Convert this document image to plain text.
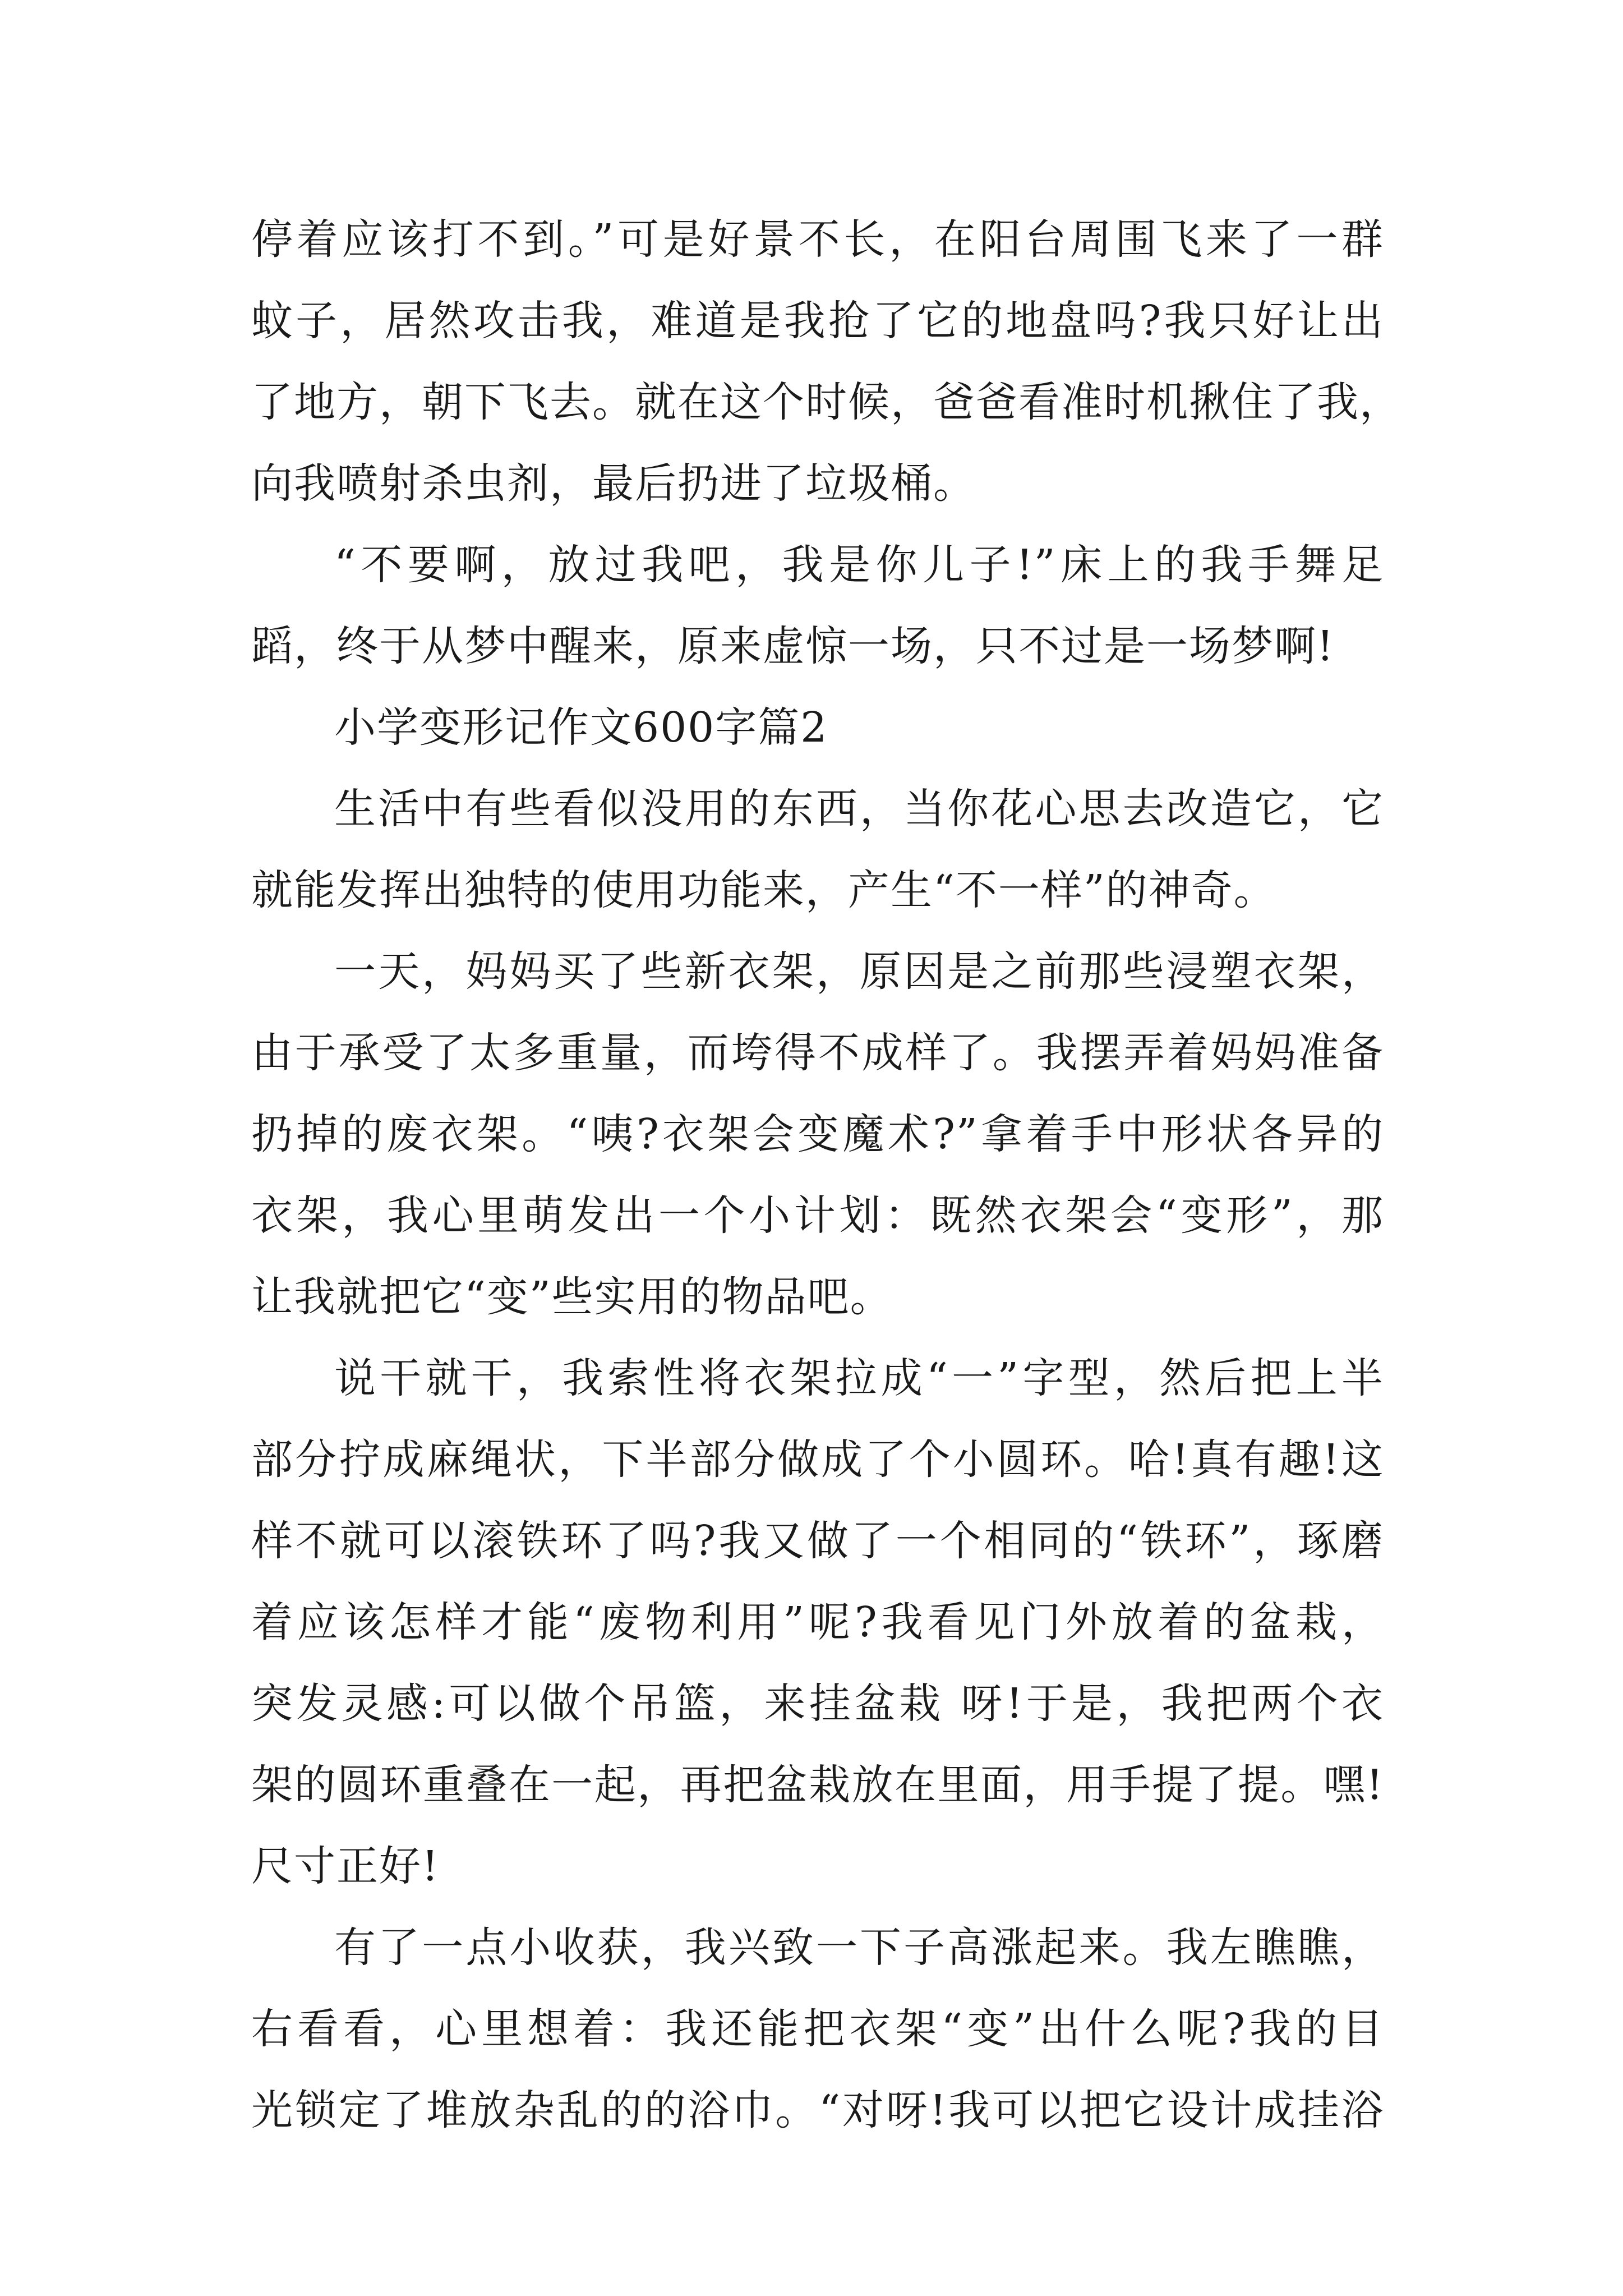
停着应该打不到。”可是好景不长，在阳台周围飞来了一群
蚊子，居然攻击我，难道是我抢了它的地盘吗?我只好让出
了地方，朝下飞去。就在这个时候，爸爸看准时机揪住了我，
向我喷射杀虫剂，最后扔进了垃圾桶。
“不要啊，放过我吧，我是你儿子!”床上的我手舞足
蹈，终于从梦中醒来，原来虚惊一场，只不过是一场梦啊!
小学变形记作文600字篇2
生活中有些看似没用的东西，当你花心思去改造它，它
就能发挥出独特的使用功能来，产生“不一样”的神奇。
一天，妈妈买了些新衣架，原因是之前那些浸塑衣架，
由于承受了太多重量，而垮得不成样了。我摆弄着妈妈准备
扔掉的废衣架。“咦?衣架会变魔术?”拿着手中形状各异的
衣架，我心里萌发出一个小计划：既然衣架会“变形”，那
让我就把它“变”些实用的物品吧。
说干就干，我索性将衣架拉成“一”字型，然后把上半
部分拧成麻绳状，下半部分做成了个小圆环。哈!真有趣!这
样不就可以滚铁环了吗?我又做了一个相同的“铁环”，琢磨
着应该怎样才能“废物利用”呢?我看见门外放着的盆栽，
突发灵感:可以做个吊篮，来挂盆栽 呀!于是，我把两个衣
架的圆环重叠在一起，再把盆栽放在里面，用手提了提。嘿!
尺寸正好!
有了一点小收获，我兴致一下子高涨起来。我左瞧瞧，
右看看，心里想着：我还能把衣架“变”出什么呢?我的目
光锁定了堆放杂乱的的浴巾。“对呀!我可以把它设计成挂浴
